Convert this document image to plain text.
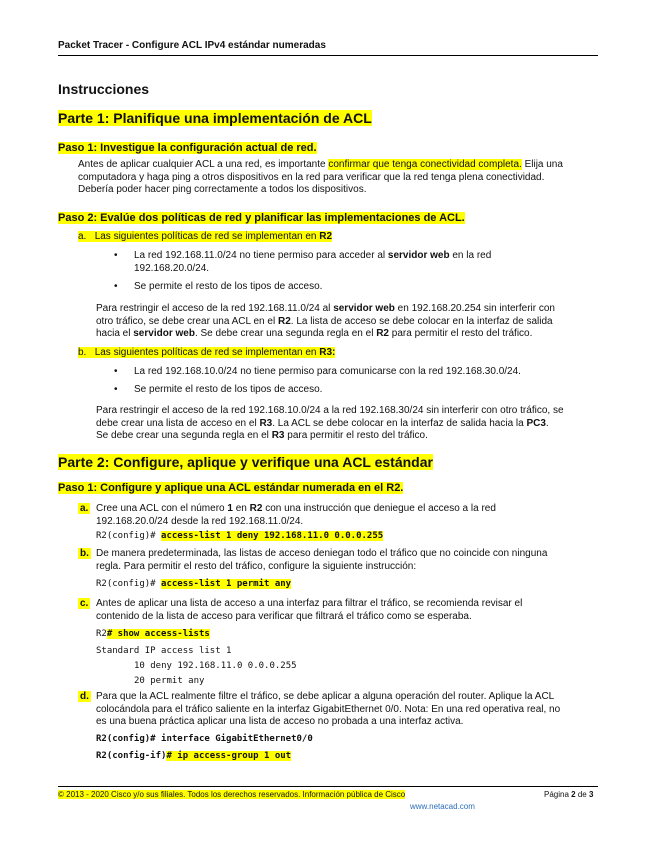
Packet Tracer - Configure ACL IPv4 estándar numeradas
Instrucciones
Parte 1: Planifique una implementación de ACL
Paso 1: Investigue la configuración actual de red.
Antes de aplicar cualquier ACL a una red, es importante confirmar que tenga conectividad completa. Elija una
computadora y haga ping a otros dispositivos en la red para verificar que la red tenga plena conectividad.
Debería poder hacer ping correctamente a todos los dispositivos.
Paso 2: Evalúe dos políticas de red y planificar las implementaciones de ACL.
a. Las siguientes políticas de red se implementan en R2
• La red 192.168.11.0/24 no tiene permiso para acceder al servidor web en la red
192.168.20.0/24.
• Se permite el resto de los tipos de acceso.
Para restringir el acceso de la red 192.168.11.0/24 al servidor web en 192.168.20.254 sin interferir con
otro tráfico, se debe crear una ACL en el R2. La lista de acceso se debe colocar en la interfaz de salida
hacia el servidor web. Se debe crear una segunda regla en el R2 para permitir el resto del tráfico.
b. Las siguientes políticas de red se implementan en R3:
• La red 192.168.10.0/24 no tiene permiso para comunicarse con la red 192.168.30.0/24.
• Se permite el resto de los tipos de acceso.
Para restringir el acceso de la red 192.168.10.0/24 a la red 192.168.30/24 sin interferir con otro tráfico, se
debe crear una lista de acceso en el R3. La ACL se debe colocar en la interfaz de salida hacia la PC3.
Se debe crear una segunda regla en el R3 para permitir el resto del tráfico.
Parte 2: Configure, aplique y verifique una ACL estándar
Paso 1: Configure y aplique una ACL estándar numerada en el R2.
a. Cree una ACL con el número 1 en R2 con una instrucción que deniegue el acceso a la red
192.168.20.0/24 desde la red 192.168.11.0/24.
R2(config)# access-list 1 deny 192.168.11.0 0.0.0.255
b. De manera predeterminada, las listas de acceso deniegan todo el tráfico que no coincide con ninguna
regla. Para permitir el resto del tráfico, configure la siguiente instrucción:
R2(config)# access-list 1 permit any
c. Antes de aplicar una lista de acceso a una interfaz para filtrar el tráfico, se recomienda revisar el
contenido de la lista de acceso para verificar que filtrará el tráfico como se esperaba.
R2# show access-lists
Standard IP access list 1
10 deny 192.168.11.0 0.0.0.255
20 permit any
d. Para que la ACL realmente filtre el tráfico, se debe aplicar a alguna operación del router. Aplique la ACL
colocándola para el tráfico saliente en la interfaz GigabitEthernet 0/0. Nota: En una red operativa real, no
es una buena práctica aplicar una lista de acceso no probada a una interfaz activa.
R2(config)# interface GigabitEthernet0/0
R2(config-if)# ip access-group 1 out
© 2013 - 2020 Cisco y/o sus filiales. Todos los derechos reservados. Información pública de Cisco	Página 2 de 3
www.netacad.com
